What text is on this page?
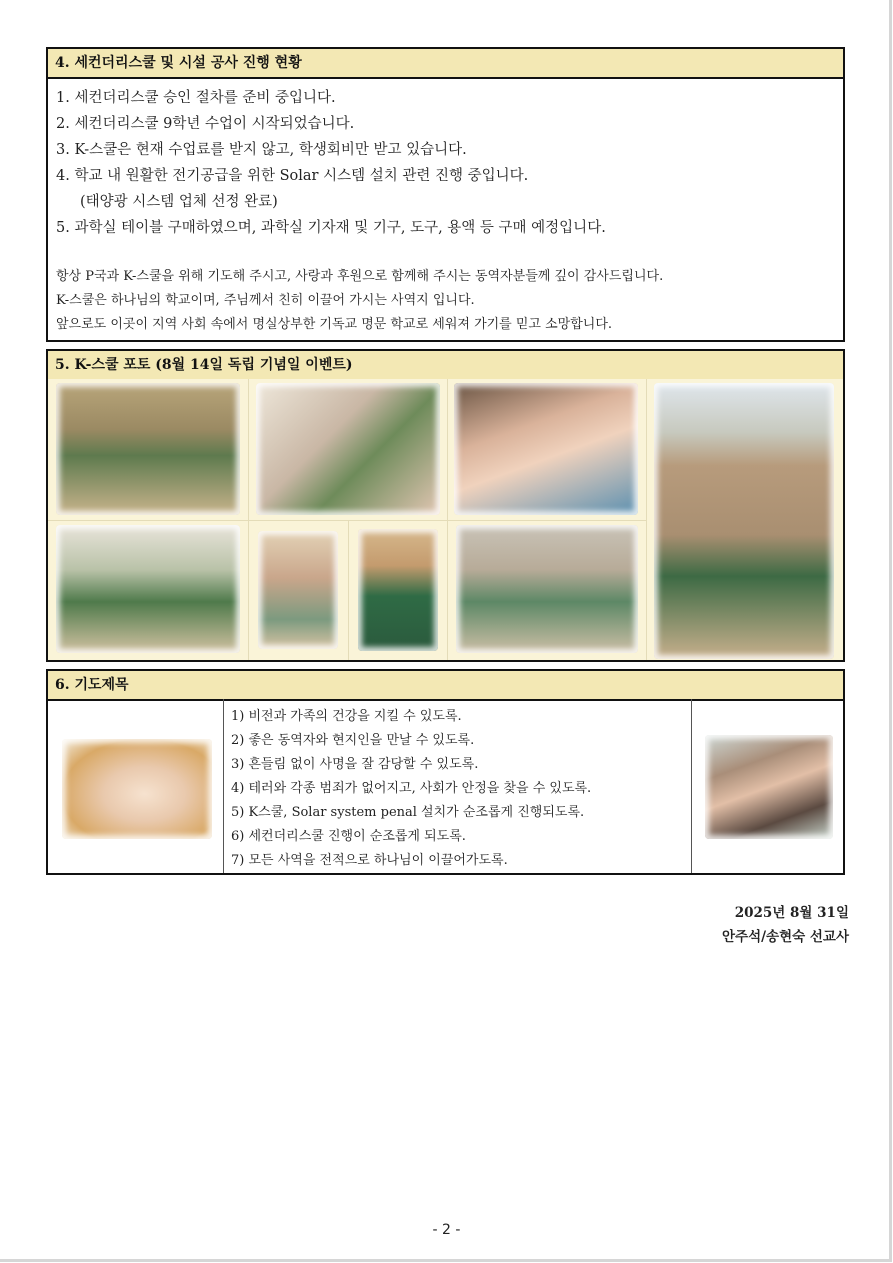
4. 세컨더리스쿨 및 시설 공사 진행 현황
1. 세컨더리스쿨 승인 절차를 준비 중입니다.
2. 세컨더리스쿨 9학년 수업이 시작되었습니다.
3. K-스쿨은 현재 수업료를 받지 않고, 학생회비만 받고 있습니다.
4. 학교 내 원활한 전기공급을 위한 Solar 시스템 설치 관련 진행 중입니다.
(태양광 시스템 업체 선정 완료)
5. 과학실 테이블 구매하였으며, 과학실 기자재 및 기구, 도구, 용액 등 구매 예정입니다.
항상 P국과 K-스쿨을 위해 기도해 주시고, 사랑과 후원으로 함께해 주시는 동역자분들께 깊이 감사드립니다.
K-스쿨은 하나님의 학교이며, 주님께서 친히 이끌어 가시는 사역지 입니다.
앞으로도 이곳이 지역 사회 속에서 명실상부한 기독교 명문 학교로 세워져 가기를 믿고 소망합니다.
5. K-스쿨 포토 (8월 14일 독립 기념일 이벤트)
6. 기도제목
1) 비전과 가족의 건강을 지킬 수 있도록.
2) 좋은 동역자와 현지인을 만날 수 있도록.
3) 흔들림 없이 사명을 잘 감당할 수 있도록.
4) 테러와 각종 범죄가 없어지고, 사회가 안정을 찾을 수 있도록.
5) K스쿨, Solar system penal 설치가 순조롭게 진행되도록.
6) 세컨더리스쿨 진행이 순조롭게 되도록.
7) 모든 사역을 전적으로 하나님이 이끌어가도록.
2025년 8월 31일
안주석/송현숙 선교사
- 2 -
